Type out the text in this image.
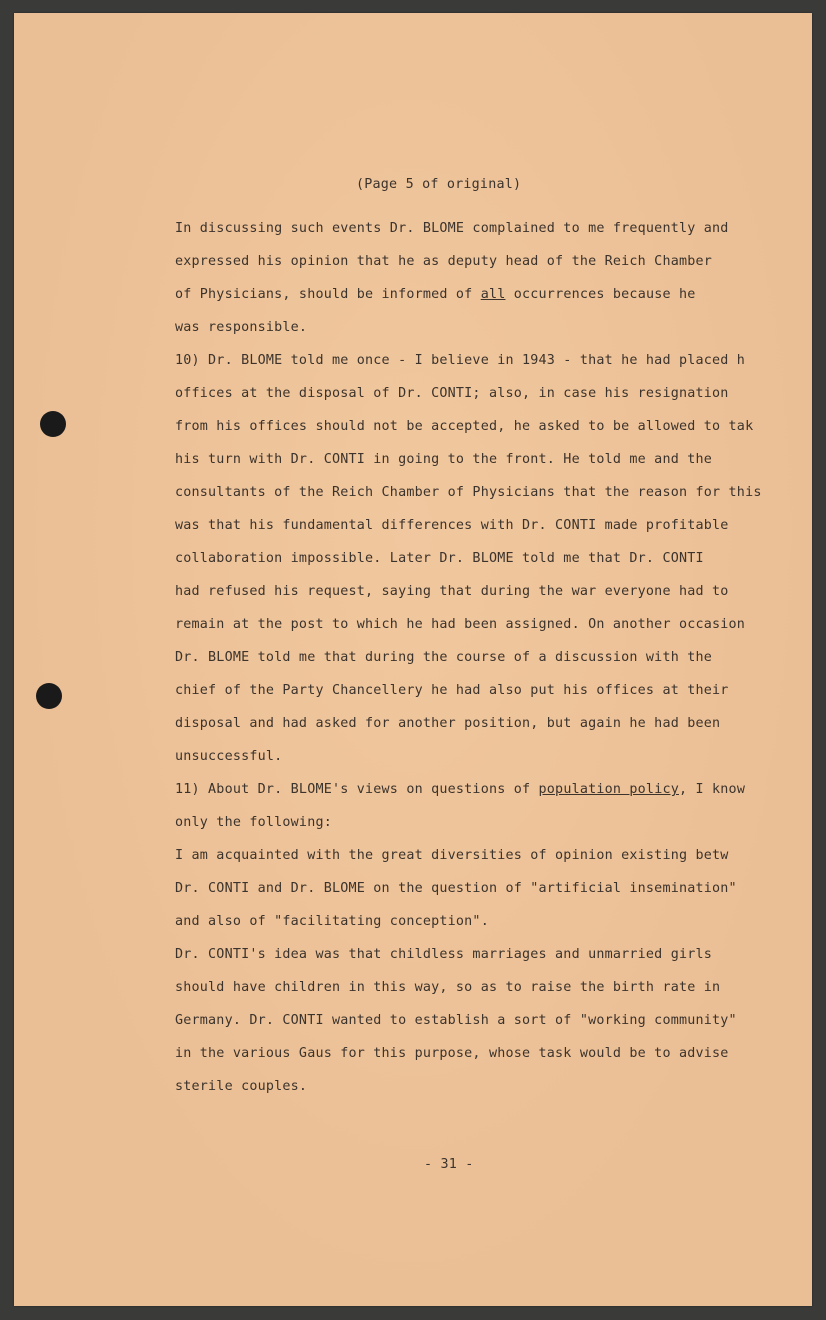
(Page 5 of original)
In discussing such events Dr. BLOME complained to me frequently and
expressed his opinion that he as deputy head of the Reich Chamber
of Physicians, should be informed of all occurrences because he
was responsible.
10) Dr. BLOME told me once - I believe in 1943 - that he had placed h
offices at the disposal of Dr. CONTI; also, in case his resignation
from his offices should not be accepted, he asked to be allowed to tak
his turn with Dr. CONTI in going to the front. He told me and the
consultants of the Reich Chamber of Physicians that the reason for this
was that his fundamental differences with Dr. CONTI made profitable
collaboration impossible. Later Dr. BLOME told me that Dr. CONTI
had refused his request, saying that during the war everyone had to
remain at the post to which he had been assigned. On another occasion
Dr. BLOME told me that during the course of a discussion with the
chief of the Party Chancellery he had also put his offices at their
disposal and had asked for another position, but again he had been
unsuccessful.
11) About Dr. BLOME's views on questions of population policy, I know
only the following:
I am acquainted with the great diversities of opinion existing betw
Dr. CONTI and Dr. BLOME on the question of "artificial insemination"
and also of "facilitating conception".
Dr. CONTI's idea was that childless marriages and unmarried girls
should have children in this way, so as to raise the birth rate in
Germany. Dr. CONTI wanted to establish a sort of "working community"
in the various Gaus for this purpose, whose task would be to advise
sterile couples.
- 31 -
